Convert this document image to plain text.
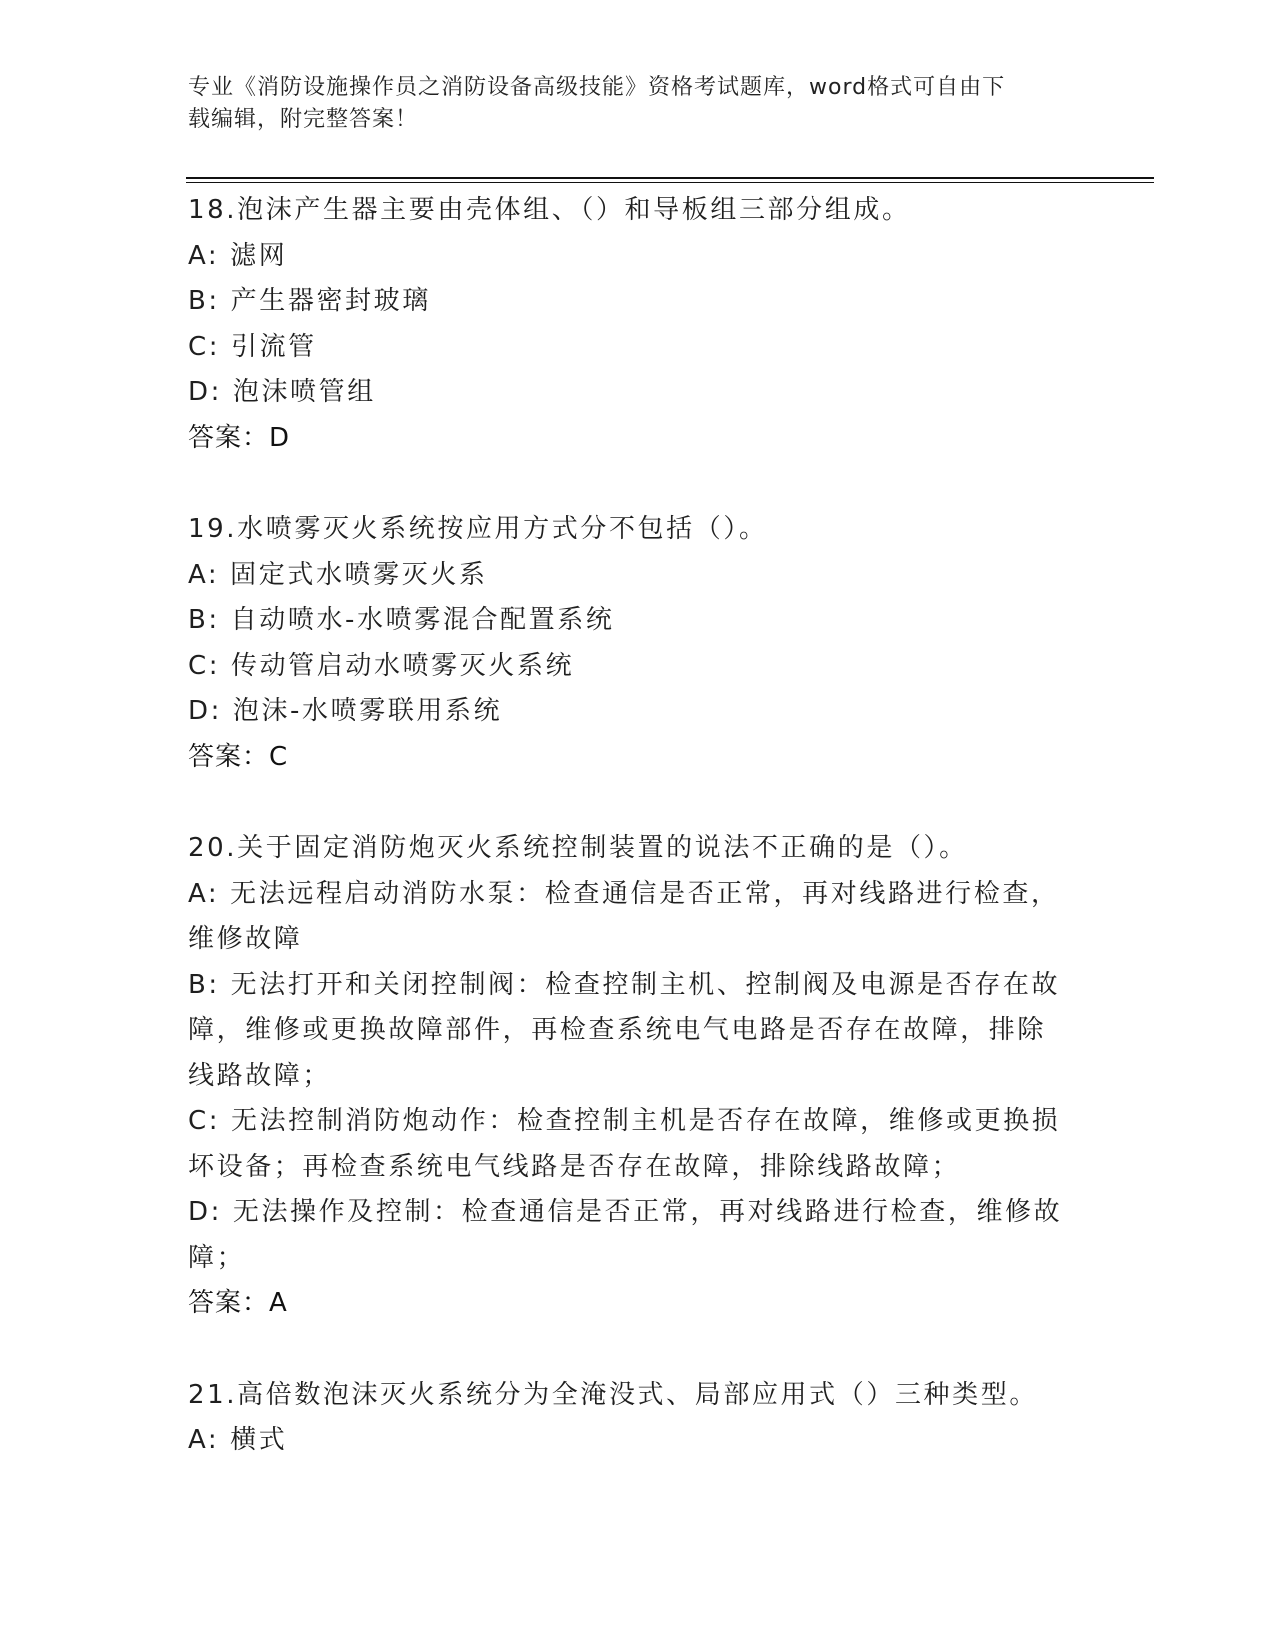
专业《消防设施操作员之消防设备高级技能》资格考试题库，word格式可自由下
载编辑，附完整答案！
18.泡沫产生器主要由壳体组、（）和导板组三部分组成。
A: 滤网
B: 产生器密封玻璃
C: 引流管
D: 泡沫喷管组
答案：D
19.水喷雾灭火系统按应用方式分不包括（）。
A: 固定式水喷雾灭火系
B: 自动喷水-水喷雾混合配置系统
C: 传动管启动水喷雾灭火系统
D: 泡沫-水喷雾联用系统
答案：C
20.关于固定消防炮灭火系统控制装置的说法不正确的是（）。
A: 无法远程启动消防水泵：检查通信是否正常，再对线路进行检查，
维修故障
B: 无法打开和关闭控制阀：检查控制主机、控制阀及电源是否存在故
障，维修或更换故障部件，再检查系统电气电路是否存在故障，排除
线路故障；
C: 无法控制消防炮动作：检查控制主机是否存在故障，维修或更换损
坏设备；再检查系统电气线路是否存在故障，排除线路故障；
D: 无法操作及控制：检查通信是否正常，再对线路进行检查，维修故
障；
答案：A
21.高倍数泡沫灭火系统分为全淹没式、局部应用式（）三种类型。
A: 横式
